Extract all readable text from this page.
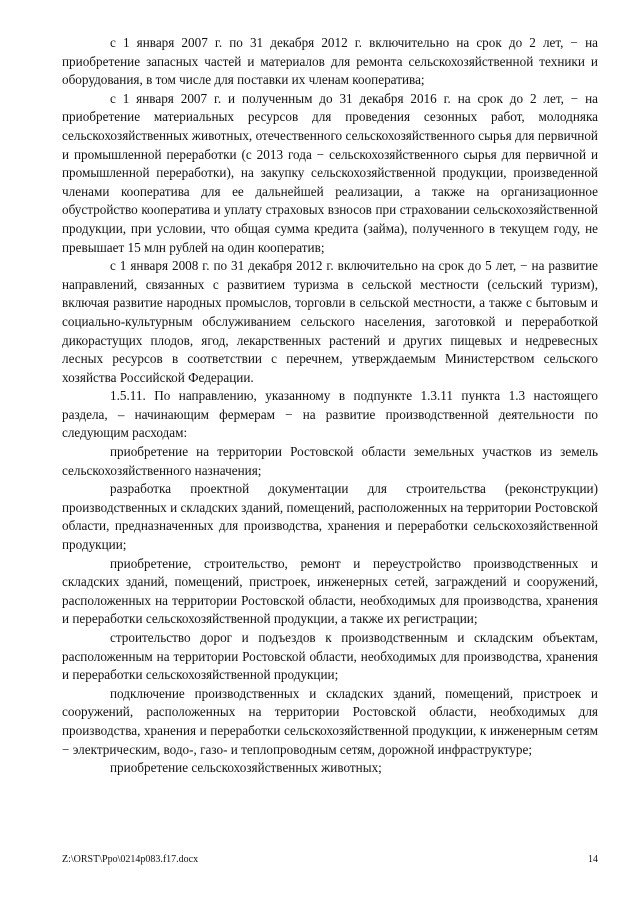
с 1 января 2007 г. по 31 декабря 2012 г. включительно на срок до 2 лет, − на приобретение запасных частей и материалов для ремонта сельскохозяйственной техники и оборудования, в том числе для поставки их членам кооператива;

с 1 января 2007 г. и полученным до 31 декабря 2016 г. на срок до 2 лет, − на приобретение материальных ресурсов для проведения сезонных работ, молодняка сельскохозяйственных животных, отечественного сельскохозяйственного сырья для первичной и промышленной переработки (с 2013 года − сельскохозяйственного сырья для первичной и промышленной переработки), на закупку сельскохозяйственной продукции, произведенной членами кооператива для ее дальнейшей реализации, а также на организационное обустройство кооператива и уплату страховых взносов при страховании сельскохозяйственной продукции, при условии, что общая сумма кредита (займа), полученного в текущем году, не превышает 15 млн рублей на один кооператив;

с 1 января 2008 г. по 31 декабря 2012 г. включительно на срок до 5 лет, − на развитие направлений, связанных с развитием туризма в сельской местности (сельский туризм), включая развитие народных промыслов, торговли в сельской местности, а также с бытовым и социально-культурным обслуживанием сельского населения, заготовкой и переработкой дикорастущих плодов, ягод, лекарственных растений и других пищевых и недревесных лесных ресурсов в соответствии с перечнем, утверждаемым Министерством сельского хозяйства Российской Федерации.

1.5.11. По направлению, указанному в подпункте 1.3.11 пункта 1.3 настоящего раздела, – начинающим фермерам − на развитие производственной деятельности по следующим расходам:

приобретение на территории Ростовской области земельных участков из земель сельскохозяйственного назначения;

разработка проектной документации для строительства (реконструкции) производственных и складских зданий, помещений, расположенных на территории Ростовской области, предназначенных для производства, хранения и переработки сельскохозяйственной продукции;

приобретение, строительство, ремонт и переустройство производственных и складских зданий, помещений, пристроек, инженерных сетей, заграждений и сооружений, расположенных на территории Ростовской области, необходимых для производства, хранения и переработки сельскохозяйственной продукции, а также их регистрации;

строительство дорог и подъездов к производственным и складским объектам, расположенным на территории Ростовской области, необходимых для производства, хранения и переработки сельскохозяйственной продукции;

подключение производственных и складских зданий, помещений, пристроек и сооружений, расположенных на территории Ростовской области, необходимых для производства, хранения и переработки сельскохозяйственной продукции, к инженерным сетям − электрическим, водо-, газо- и теплопроводным сетям, дорожной инфраструктуре;

приобретение сельскохозяйственных животных;

Z:\ORST\Ppo\0214p083.f17.docx	14
